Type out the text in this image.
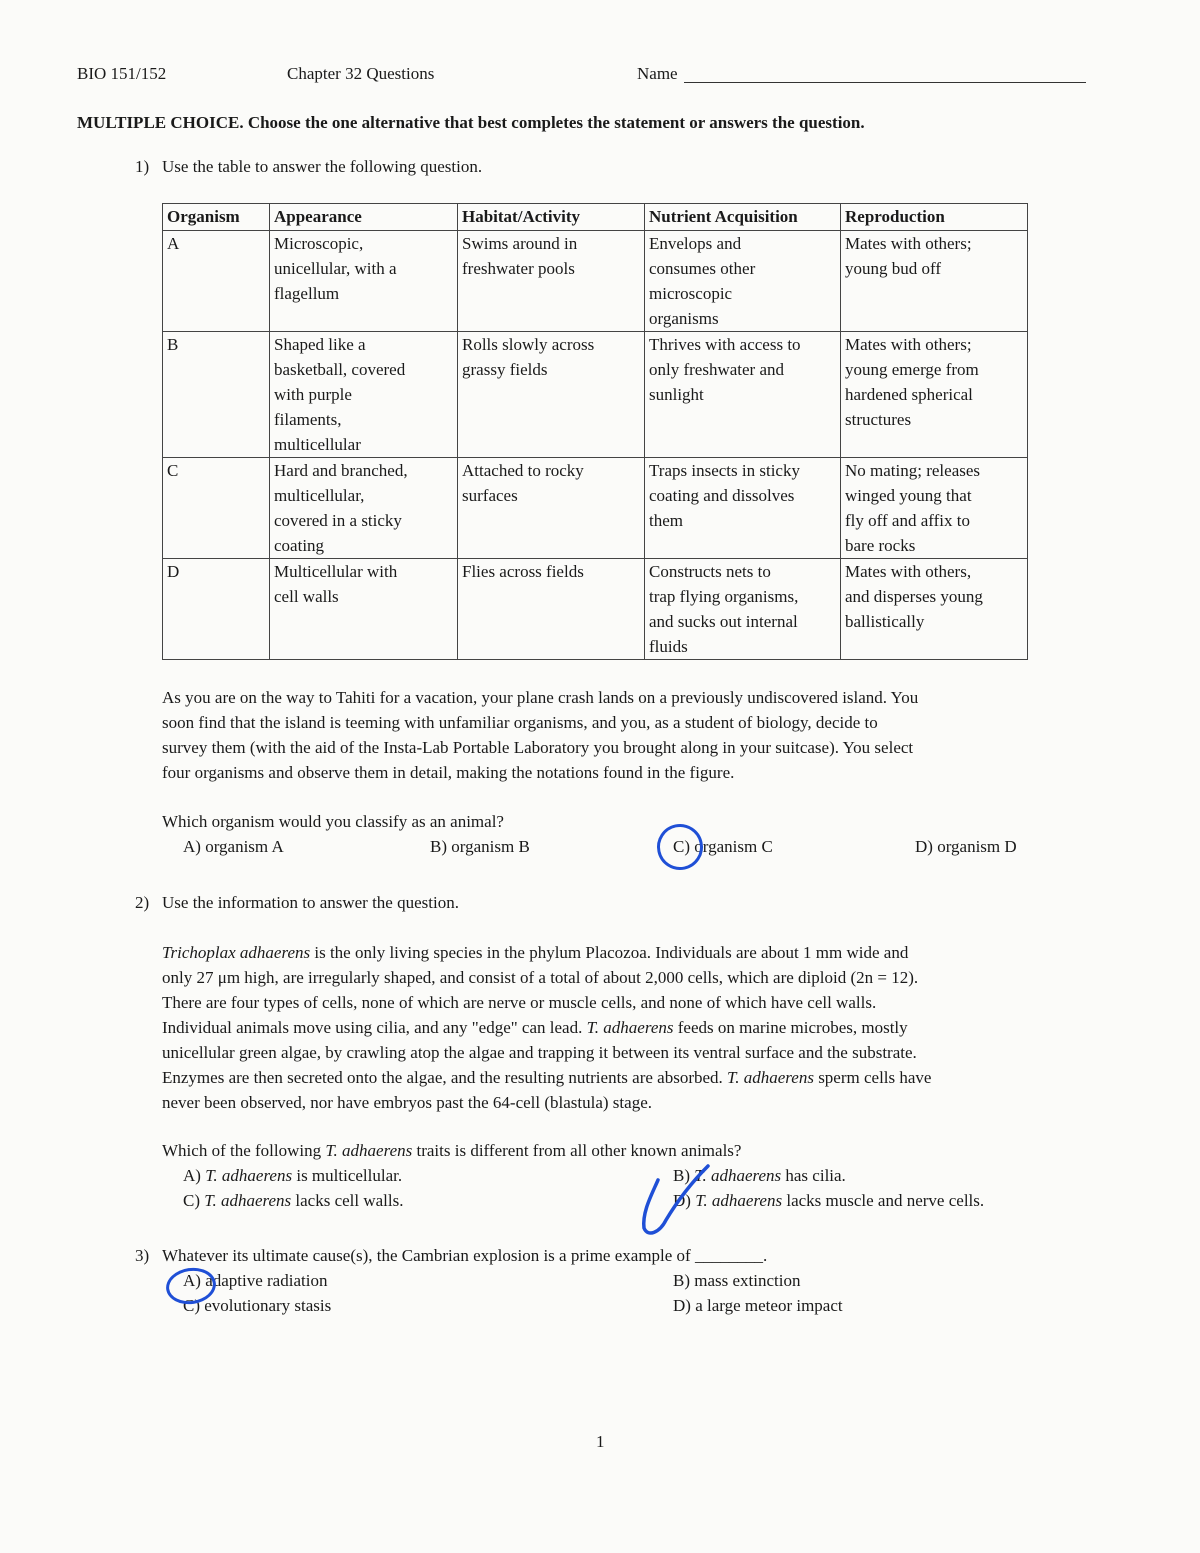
BIO 151/152	Chapter 32 Questions	Name
MULTIPLE CHOICE. Choose the one alternative that best completes the statement or answers the question.
1) Use the table to answer the following question.
Organism	Appearance	Habitat/Activity	Nutrient Acquisition	Reproduction
A	Microscopic,
unicellular, with a
flagellum	Swims around in
freshwater pools	Envelops and
consumes other
microscopic
organisms	Mates with others;
young bud off
B	Shaped like a
basketball, covered
with purple
filaments,
multicellular	Rolls slowly across
grassy fields	Thrives with access to
only freshwater and
sunlight	Mates with others;
young emerge from
hardened spherical
structures
C	Hard and branched,
multicellular,
covered in a sticky
coating	Attached to rocky
surfaces	Traps insects in sticky
coating and dissolves
them	No mating; releases
winged young that
fly off and affix to
bare rocks
D	Multicellular with
cell walls	Flies across fields	Constructs nets to
trap flying organisms,
and sucks out internal
fluids	Mates with others,
and disperses young
ballistically
As you are on the way to Tahiti for a vacation, your plane crash lands on a previously undiscovered island. You
soon find that the island is teeming with unfamiliar organisms, and you, as a student of biology, decide to
survey them (with the aid of the Insta-Lab Portable Laboratory you brought along in your suitcase). You select
four organisms and observe them in detail, making the notations found in the figure.
Which organism would you classify as an animal?
A) organism A	B) organism B	C) organism C	D) organism D
2) Use the information to answer the question.
Trichoplax adhaerens is the only living species in the phylum Placozoa. Individuals are about 1 mm wide and
only 27 μm high, are irregularly shaped, and consist of a total of about 2,000 cells, which are diploid (2n = 12).
There are four types of cells, none of which are nerve or muscle cells, and none of which have cell walls.
Individual animals move using cilia, and any "edge" can lead. T. adhaerens feeds on marine microbes, mostly
unicellular green algae, by crawling atop the algae and trapping it between its ventral surface and the substrate.
Enzymes are then secreted onto the algae, and the resulting nutrients are absorbed. T. adhaerens sperm cells have
never been observed, nor have embryos past the 64-cell (blastula) stage.
Which of the following T. adhaerens traits is different from all other known animals?
A) T. adhaerens is multicellular.	B) T. adhaerens has cilia.
C) T. adhaerens lacks cell walls.	D) T. adhaerens lacks muscle and nerve cells.
3) Whatever its ultimate cause(s), the Cambrian explosion is a prime example of ________.
A) adaptive radiation	B) mass extinction
C) evolutionary stasis	D) a large meteor impact
1
